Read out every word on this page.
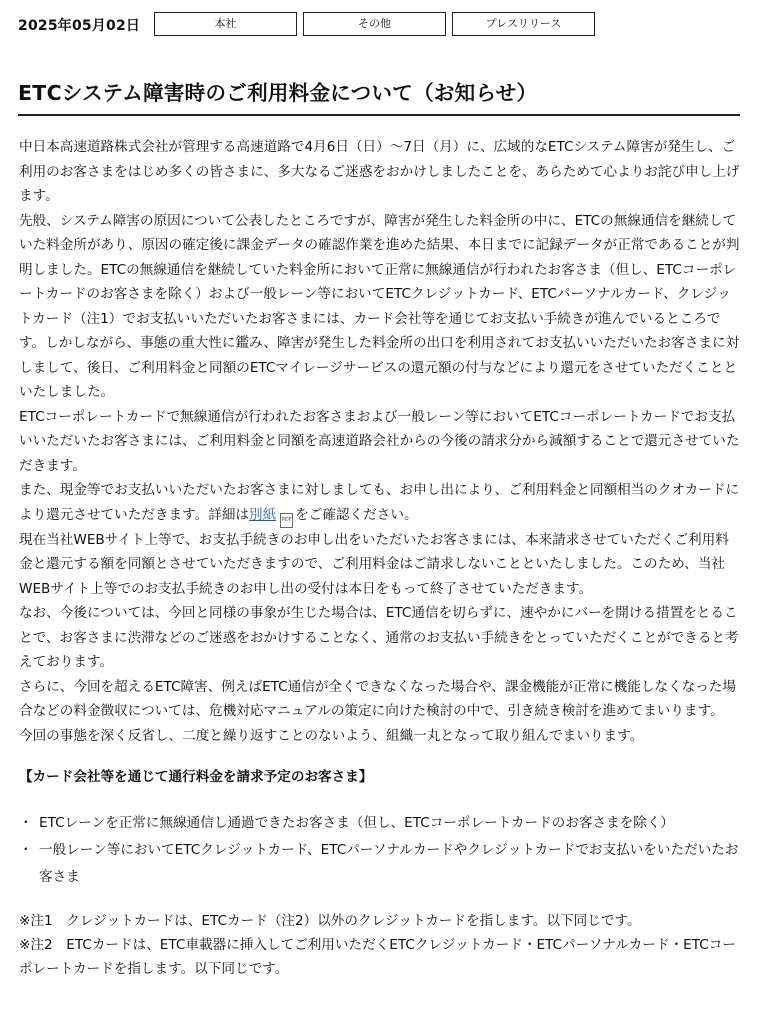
2025年05月02日	本社	その他	プレスリリース
ETCシステム障害時のご利用料金について（お知らせ）

中日本高速道路株式会社が管理する高速道路で4月6日（日）～7日（月）に、広域的なETCシステム障害が発生し、ご利用のお客さまをはじめ多くの皆さまに、多大なるご迷惑をおかけしましたことを、あらためて心よりお詫び申し上げます。

先般、システム障害の原因について公表したところですが、障害が発生した料金所の中に、ETCの無線通信を継続していた料金所があり、原因の確定後に課金データの確認作業を進めた結果、本日までに記録データが正常であることが判明しました。ETCの無線通信を継続していた料金所において正常に無線通信が行われたお客さま（但し、ETCコーポレートカードのお客さまを除く）および一般レーン等においてETCクレジットカード、ETCパーソナルカード、クレジットカード（注1）でお支払いいただいたお客さまには、カード会社等を通じてお支払い手続きが進んでいるところです。しかしながら、事態の重大性に鑑み、障害が発生した料金所の出口を利用されてお支払いいただいたお客さまに対しまして、後日、ご利用料金と同額のETCマイレージサービスの還元額の付与などにより還元をさせていただくことといたしました。

ETCコーポレートカードで無線通信が行われたお客さまおよび一般レーン等においてETCコーポレートカードでお支払いいただいたお客さまには、ご利用料金と同額を高速道路会社からの今後の請求分から減額することで還元させていただきます。

また、現金等でお支払いいただいたお客さまに対しましても、お申し出により、ご利用料金と同額相当のクオカードにより還元させていただきます。詳細は別紙 PDF をご確認ください。

現在当社WEBサイト上等で、お支払手続きのお申し出をいただいたお客さまには、本来請求させていただくご利用料金と還元する額を同額とさせていただきますので、ご利用料金はご請求しないことといたしました。このため、当社WEBサイト上等でのお支払手続きのお申し出の受付は本日をもって終了させていただきます。

なお、今後については、今回と同様の事象が生じた場合は、ETC通信を切らずに、速やかにバーを開ける措置をとることで、お客さまに渋滞などのご迷惑をおかけすることなく、通常のお支払い手続きをとっていただくことができると考えております。

さらに、今回を超えるETC障害、例えばETC通信が全くできなくなった場合や、課金機能が正常に機能しなくなった場合などの料金徴収については、危機対応マニュアルの策定に向けた検討の中で、引き続き検討を進めてまいります。

今回の事態を深く反省し、二度と繰り返すことのないよう、組織一丸となって取り組んでまいります。

【カード会社等を通じて通行料金を請求予定のお客さま】

・ ETCレーンを正常に無線通信し通過できたお客さま（但し、ETCコーポレートカードのお客さまを除く）
・ 一般レーン等においてETCクレジットカード、ETCパーソナルカードやクレジットカードでお支払いをいただいたお客さま

※注1　クレジットカードは、ETCカード（注2）以外のクレジットカードを指します。以下同じです。

※注2　ETCカードは、ETC車載器に挿入してご利用いただくETCクレジットカード・ETCパーソナルカード・ETCコーポレートカードを指します。以下同じです。
